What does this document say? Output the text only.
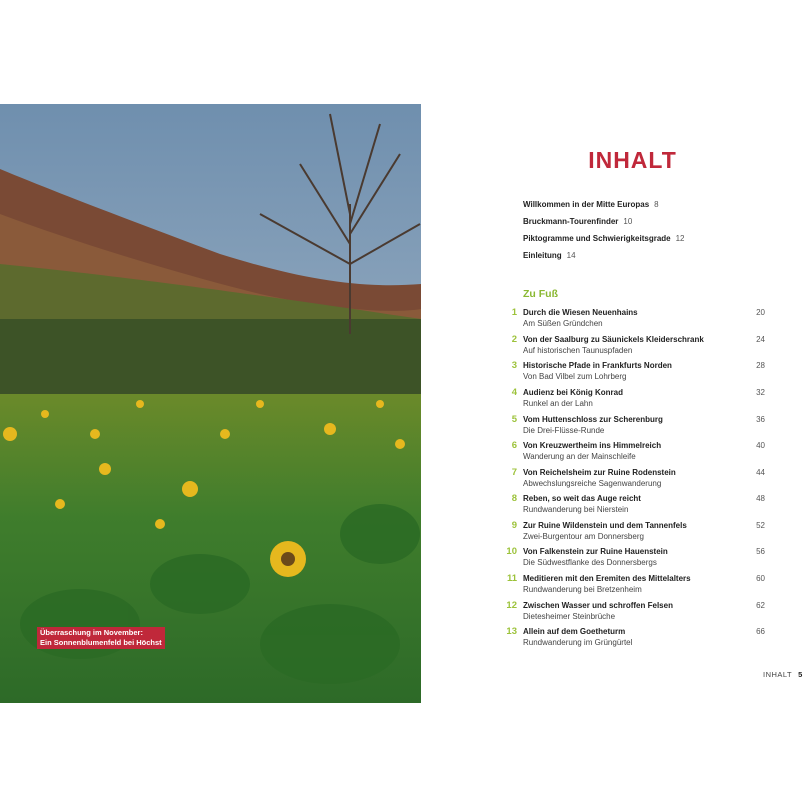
Überraschung im November:
Ein Sonnenblumenfeld bei Höchst
INHALT
Willkommen in der Mitte Europas 8
Bruckmann-Tourenfinder 10
Piktogramme und Schwierigkeitsgrade 12
Einleitung 14
Zu Fuß
1 Durch die Wiesen Neuenhains
Am Süßen Gründchen
20
2 Von der Saalburg zu Säunickels Kleiderschrank
Auf historischen Taunuspfaden
24
3 Historische Pfade in Frankfurts Norden
Von Bad Vilbel zum Lohrberg
28
4 Audienz bei König Konrad
Runkel an der Lahn
32
5 Vom Huttenschloss zur Scherenburg
Die Drei-Flüsse-Runde
36
6 Von Kreuzwertheim ins Himmelreich
Wanderung an der Mainschleife
40
7 Von Reichelsheim zur Ruine Rodenstein
Abwechslungsreiche Sagenwanderung
44
8 Reben, so weit das Auge reicht
Rundwanderung bei Nierstein
48
9 Zur Ruine Wildenstein und dem Tannenfels
Zwei-Burgentour am Donnersberg
52
10 Von Falkenstein zur Ruine Hauenstein
Die Südwestflanke des Donnersbergs
56
11 Meditieren mit den Eremiten des Mittelalters
Rundwanderung bei Bretzenheim
60
12 Zwischen Wasser und schroffen Felsen
Dietesheimer Steinbrüche
62
13 Allein auf dem Goetheturm
Rundwanderung im Grüngürtel
66
INHALT 5
